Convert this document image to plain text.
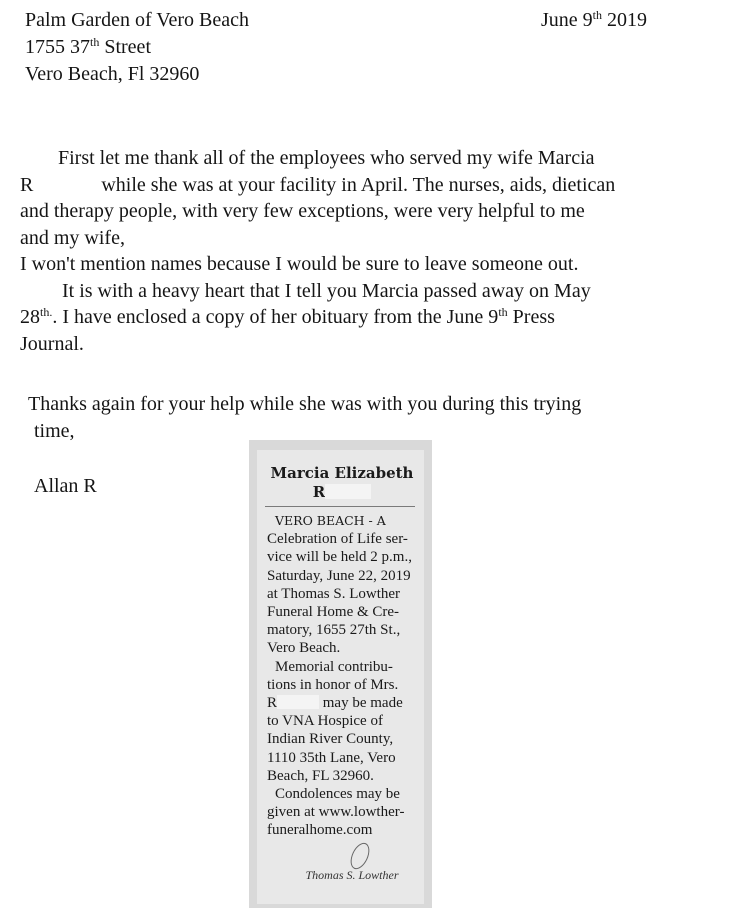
Palm Garden of Vero Beach
1755 37th Street
Vero Beach, Fl 32960
June 9th 2019
First let me thank all of the employees who served my wife Marcia
R	while she was at your facility in April. The nurses, aids, dietican
and therapy people, with very few exceptions, were very helpful to me
and my wife,
I won't mention names because I would be sure to leave someone out.
It is with a heavy heart that I tell you Marcia passed away on May
$28^{th.}$. I have enclosed a copy of her obituary from the June 9th Press
Journal.
Thanks again for your help while she was with you during this trying
time,
Allan R
Marcia Elizabeth
R
VERO BEACH - A
Celebration of Life ser-
vice will be held 2 p.m.,
Saturday, June 22, 2019
at Thomas S. Lowther
Funeral Home & Cre-
matory, 1655 27th St.,
Vero Beach.
Memorial contribu-
tions in honor of Mrs.
R	may be made
to VNA Hospice of
Indian River County,
1110 35th Lane, Vero
Beach, FL 32960.
Condolences may be
given at www.lowther-
funeralhome.com
Thomas S. Lowther
